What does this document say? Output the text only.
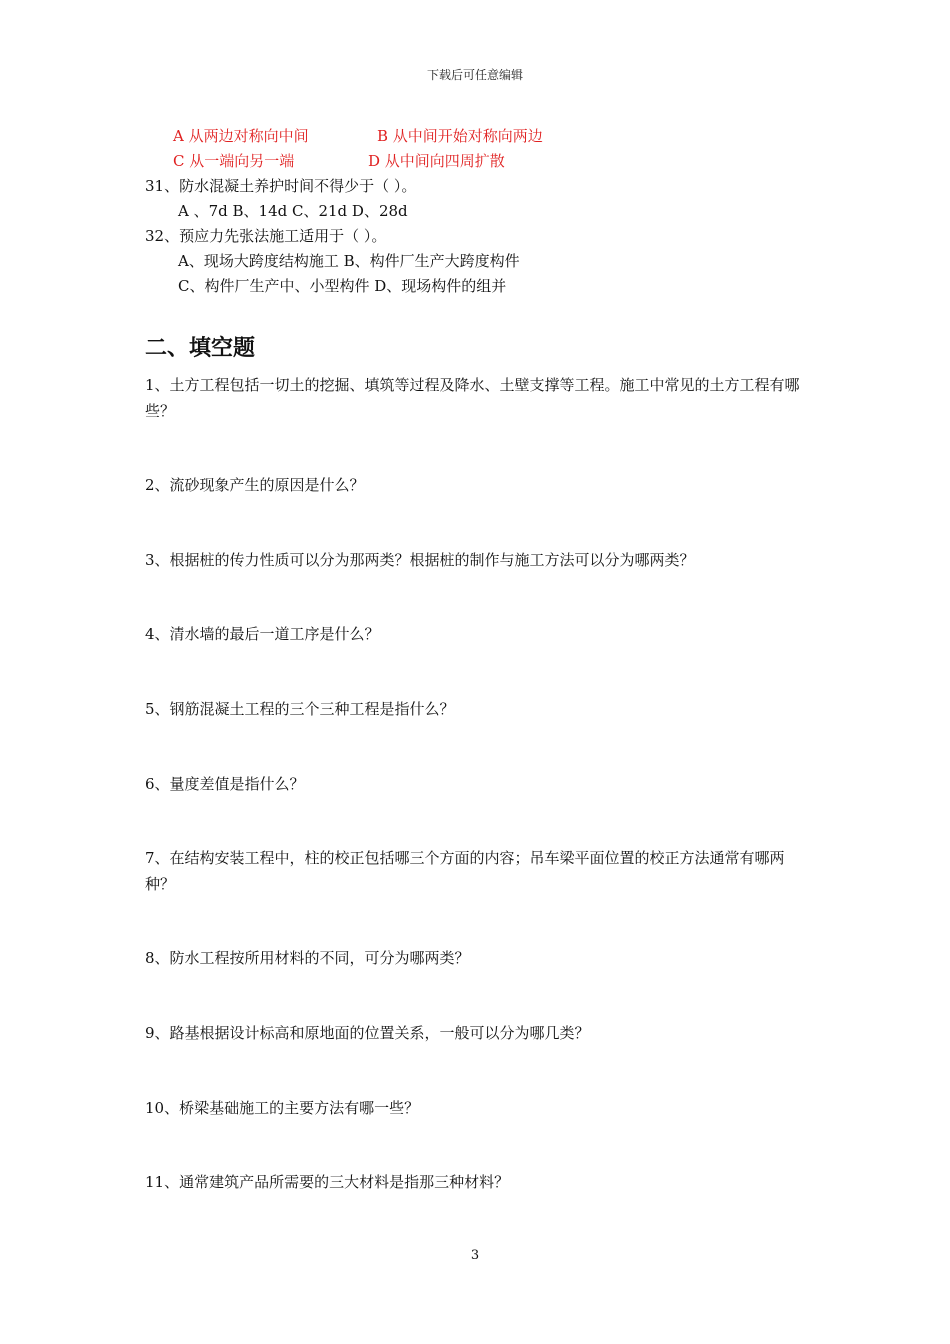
下载后可任意编辑
A 从两边对称向中间	B 从中间开始对称向两边
C 从一端向另一端	D 从中间向四周扩散
31、防水混凝土养护时间不得少于（ ）。
A 、7d B、14d C、21d D、28d
32、预应力先张法施工适用于（ ）。
A、现场大跨度结构施工 B、构件厂生产大跨度构件
C、构件厂生产中、小型构件 D、现场构件的组并
二、填空题
1、土方工程包括一切土的挖掘、填筑等过程及降水、土壁支撑等工程。施工中常见的土方工程有哪些？
2、流砂现象产生的原因是什么？
3、根据桩的传力性质可以分为那两类？根据桩的制作与施工方法可以分为哪两类？
4、清水墙的最后一道工序是什么？
5、钢筋混凝土工程的三个三种工程是指什么？
6、量度差值是指什么？
7、在结构安装工程中，柱的校正包括哪三个方面的内容；吊车梁平面位置的校正方法通常有哪两种？
8、防水工程按所用材料的不同，可分为哪两类？
9、路基根据设计标高和原地面的位置关系，一般可以分为哪几类？
10、桥梁基础施工的主要方法有哪一些？
11、通常建筑产品所需要的三大材料是指那三种材料？
3
